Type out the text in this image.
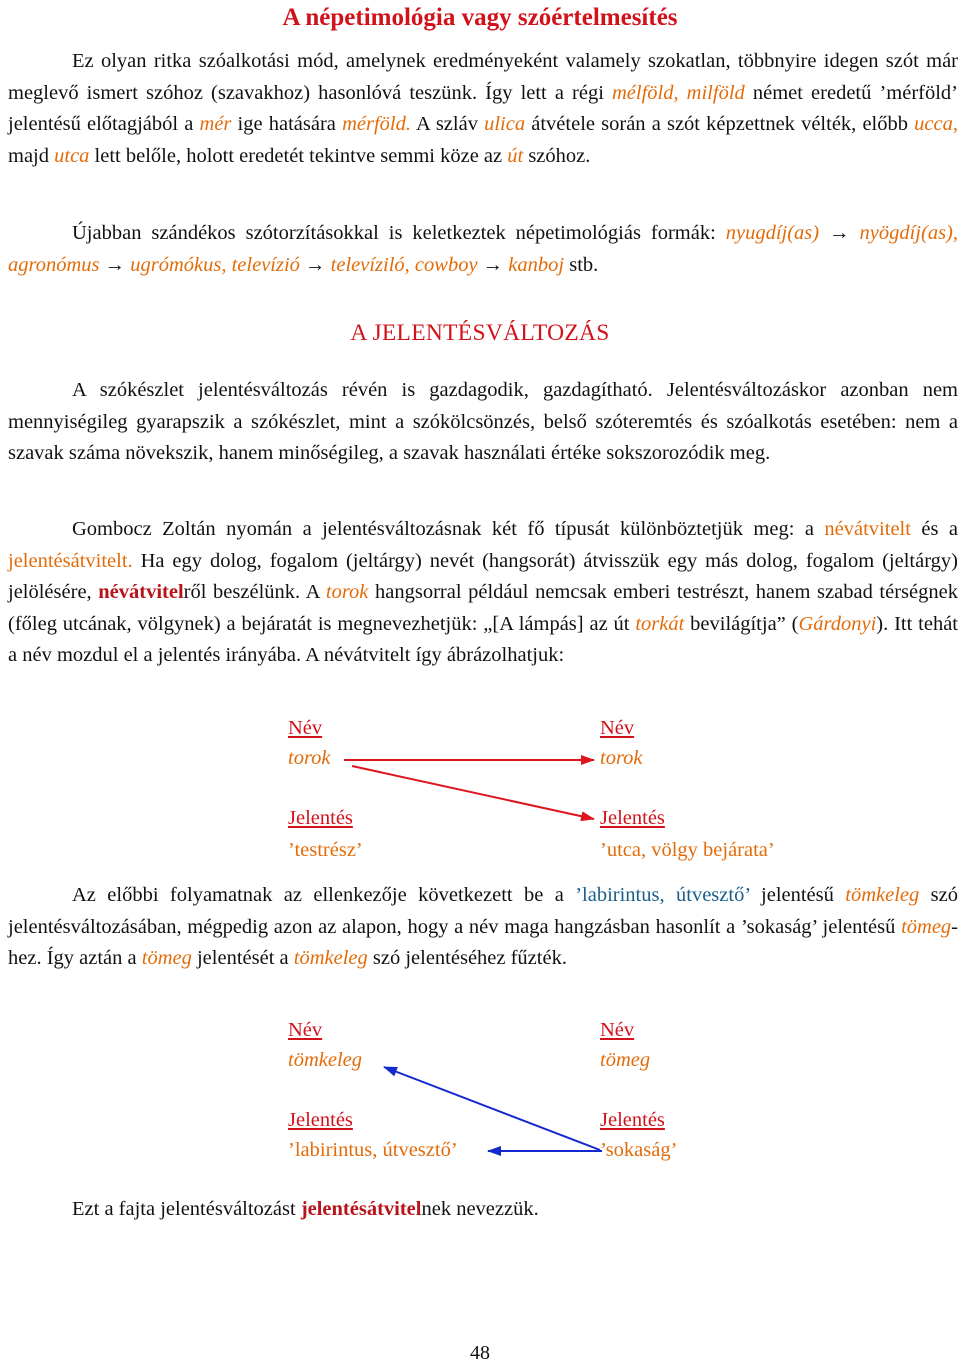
A népetimológia vagy szóértelmesítés

Ez olyan ritka szóalkotási mód, amelynek eredményeként valamely szokatlan, többnyire idegen szót már meglevő ismert szóhoz (szavakhoz) hasonlóvá teszünk. Így lett a régi mélföld, milföld német eredetű ’mérföld’ jelentésű előtagjából a mér ige hatására mérföld. A szláv ulica átvétele során a szót képzettnek vélték, előbb ucca, majd utca lett belőle, holott eredetét tekintve semmi köze az út szóhoz.

Újabban szándékos szótorzításokkal is keletkeztek népetimológiás formák: nyugdíj(as) → nyögdíj(as), agronómus → ugrómókus, televízió → televíziló, cowboy → kanboj stb.

A JELENTÉSVÁLTOZÁS

A szókészlet jelentésváltozás révén is gazdagodik, gazdagítható. Jelentésváltozáskor azonban nem mennyiségileg gyarapszik a szókészlet, mint a szókölcsönzés, belső szóteremtés és szóalkotás esetében: nem a szavak száma növekszik, hanem minőségileg, a szavak használati értéke sokszorozódik meg.

Gombocz Zoltán nyomán a jelentésváltozásnak két fő típusát különböztetjük meg: a névátvitelt és a jelentésátvitelt. Ha egy dolog, fogalom (jeltárgy) nevét (hangsorát) átvisszük egy más dolog, fogalom (jeltárgy) jelölésére, névátvitelről beszélünk. A torok hangsorral például nemcsak emberi testrészt, hanem szabad térségnek (főleg utcának, völgynek) a bejáratát is megnevezhetjük: „[A lámpás] az út torkát bevilágítja” (Gárdonyi). Itt tehát a név mozdul el a jelentés irányába. A névátvitelt így ábrázolhatjuk:

Név
torok
Jelentés
’testrész’
Név
torok
Jelentés
’utca, völgy bejárata’

Az előbbi folyamatnak az ellenkezője következett be a ’labirintus, útvesztő’ jelentésű tömkeleg szó jelentésváltozásában, mégpedig azon az alapon, hogy a név maga hangzásban hasonlít a ’sokaság’ jelentésű tömeg-hez. Így aztán a tömeg jelentését a tömkeleg szó jelentéséhez fűzték.

Név
tömkeleg
Jelentés
’labirintus, útvesztő’
Név
tömeg
Jelentés
’sokaság’

Ezt a fajta jelentésváltozást jelentésátvitelnek nevezzük.

48
